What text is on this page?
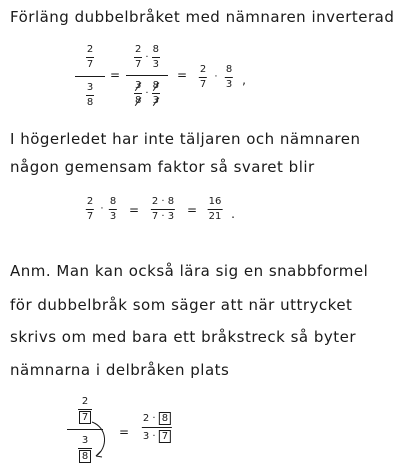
Förläng dubbelbråket med nämnaren inverterad
$\frac{2}{7}$
$\frac{3}{8}$
=
$\frac{2}{7} \cdot \frac{8}{3}$
$\frac{3}{8} \cdot \frac{8}{3}$
= 2
7
·
8
3 ,
I högerledet har inte täljaren och nämnaren
någon gemensam faktor så svaret blir
2
7
·
8
3 =
2 · 8
7 · 3 =
16
21 .
Anm. Man kan också lära sig en snabbformel
för dubbelbråk som säger att när uttrycket
skrivs om med bara ett bråkstreck så byter
nämnarna i delbråken plats
$\frac{2}{7}$
$\frac{3}{8}$
=
2 · 8
3 · 7
